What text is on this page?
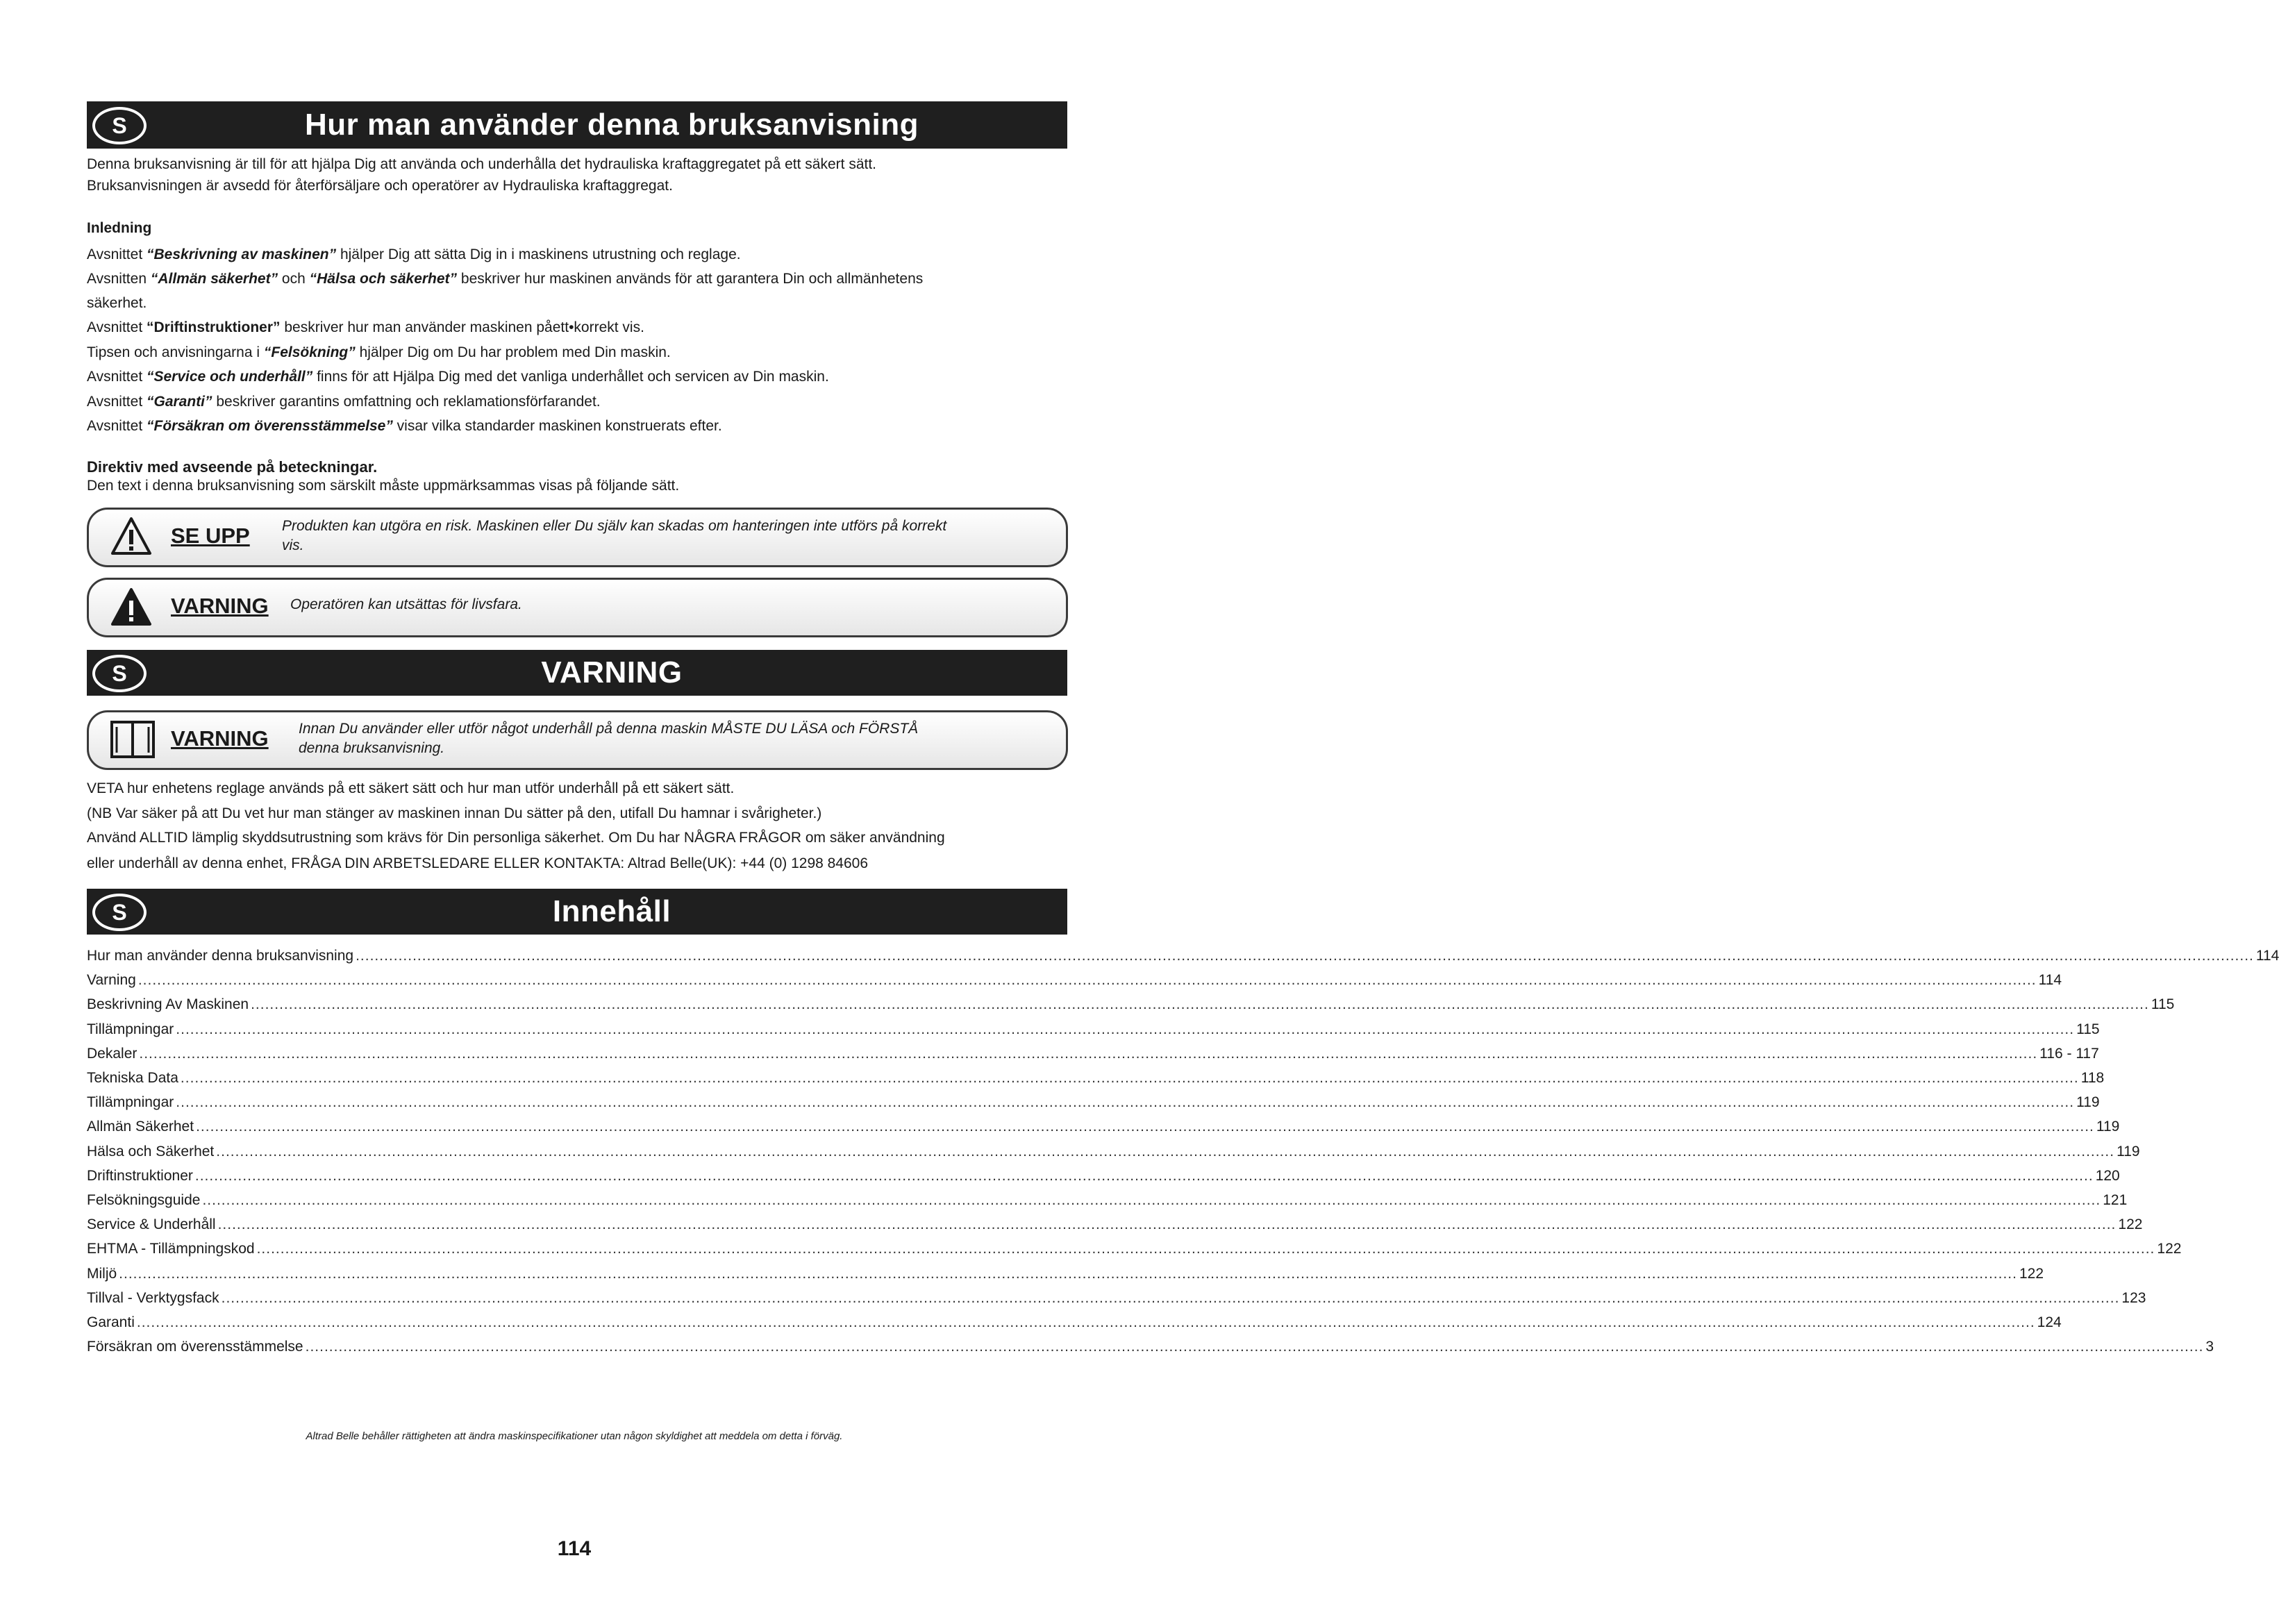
S	Hur man använder denna bruksanvisning
Denna bruksanvisning är till för att hjälpa Dig att använda och underhålla det hydrauliska kraftaggregatet på ett säkert sätt.
Bruksanvisningen är avsedd för återförsäljare och operatörer av Hydrauliska kraftaggregat.
Inledning
Avsnittet “Beskrivning av maskinen” hjälper Dig att sätta Dig in i maskinens utrustning och reglage.
Avsnitten “Allmän säkerhet” och “Hälsa och säkerhet” beskriver hur maskinen används för att garantera Din och allmänhetens
säkerhet.
Avsnittet “Driftinstruktioner” beskriver hur man använder maskinen påett•korrekt vis.
Tipsen och anvisningarna i “Felsökning” hjälper Dig om Du har problem med Din maskin.
Avsnittet “Service och underhåll” finns för att Hjälpa Dig med det vanliga underhållet och servicen av Din maskin.
Avsnittet “Garanti” beskriver garantins omfattning och reklamationsförfarandet.
Avsnittet “Försäkran om överensstämmelse” visar vilka standarder maskinen konstruerats efter.
Direktiv med avseende på beteckningar.
Den text i denna bruksanvisning som särskilt måste uppmärksammas visas på följande sätt.
SE UPP Produkten kan utgöra en risk. Maskinen eller Du själv kan skadas om hanteringen inte utförs på korrekt
vis.
VARNING Operatören kan utsättas för livsfara.
S	VARNING
VARNING Innan Du använder eller utför något underhåll på denna maskin MÅSTE DU LÄSA och FÖRSTÅ
denna bruksanvisning.
VETA hur enhetens reglage används på ett säkert sätt och hur man utför underhåll på ett säkert sätt.
(NB Var säker på att Du vet hur man stänger av maskinen innan Du sätter på den, utifall Du hamnar i svårigheter.)
Använd ALLTID lämplig skyddsutrustning som krävs för Din personliga säkerhet. Om Du har NÅGRA FRÅGOR om säker användning
eller underhåll av denna enhet, FRÅGA DIN ARBETSLEDARE ELLER KONTAKTA: Altrad Belle(UK): +44 (0) 1298 84606
S	Innehåll
Hur man använder denna bruksanvisning ................................................................................................................................................................................................................................................................................................................................................................................................................ 114
Varning ................................................................................................................................................................................................................................................................................................................................................................................................................ 114
Beskrivning Av Maskinen ................................................................................................................................................................................................................................................................................................................................................................................................................ 115
Tillämpningar ................................................................................................................................................................................................................................................................................................................................................................................................................ 115
Dekaler ................................................................................................................................................................................................................................................................................................................................................................................................................ 116 - 117
Tekniska Data ................................................................................................................................................................................................................................................................................................................................................................................................................ 118
Tillämpningar ................................................................................................................................................................................................................................................................................................................................................................................................................ 119
Allmän Säkerhet ................................................................................................................................................................................................................................................................................................................................................................................................................ 119
Hälsa och Säkerhet ................................................................................................................................................................................................................................................................................................................................................................................................................ 119
Driftinstruktioner ................................................................................................................................................................................................................................................................................................................................................................................................................ 120
Felsökningsguide ................................................................................................................................................................................................................................................................................................................................................................................................................ 121
Service & Underhåll ................................................................................................................................................................................................................................................................................................................................................................................................................ 122
EHTMA - Tillämpningskod ................................................................................................................................................................................................................................................................................................................................................................................................................ 122
Miljö ................................................................................................................................................................................................................................................................................................................................................................................................................ 122
Tillval - Verktygsfack ................................................................................................................................................................................................................................................................................................................................................................................................................ 123
Garanti ................................................................................................................................................................................................................................................................................................................................................................................................................ 124
Försäkran om överensstämmelse ................................................................................................................................................................................................................................................................................................................................................................................................................ 3
Altrad Belle behåller rättigheten att ändra maskinspecifikationer utan någon skyldighet att meddela om detta i förväg.
114
